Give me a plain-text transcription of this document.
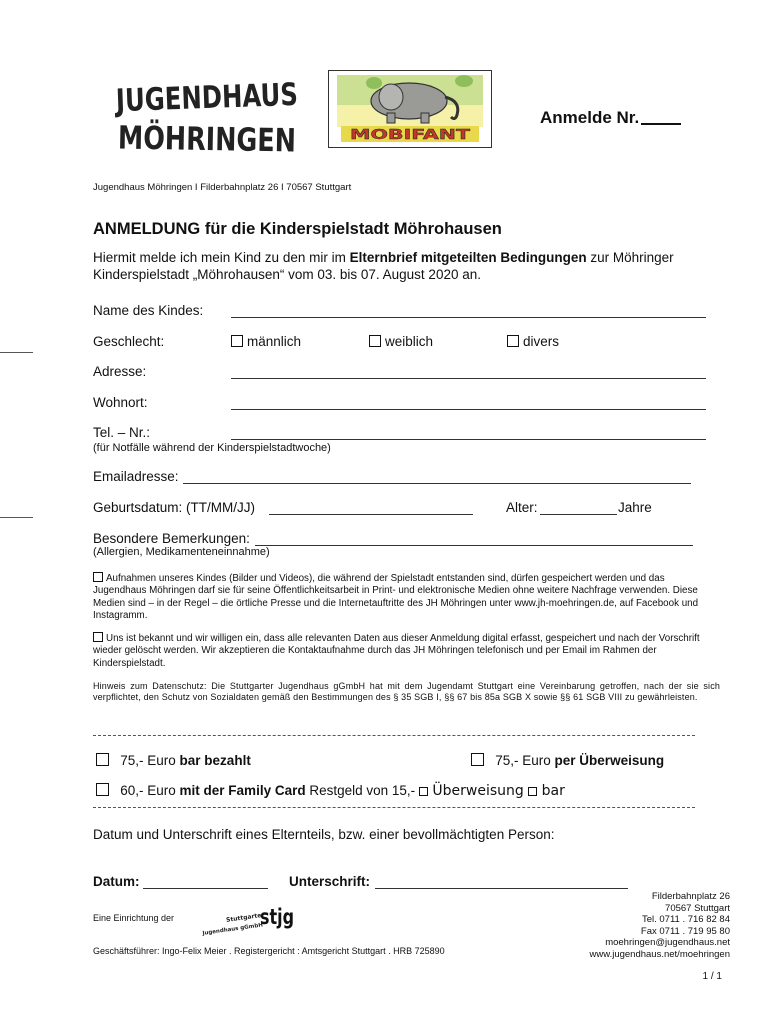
JUGENDHAUS
MÖHRINGEN MOBIFANT
Anmelde Nr.
Jugendhaus Möhringen I Filderbahnplatz 26 I 70567 Stuttgart
ANMELDUNG für die Kinderspielstadt Möhrohausen
Hiermit melde ich mein Kind zu den mir im Elternbrief mitgeteilten Bedingungen zur Möhringer Kinderspielstadt „Möhrohausen“ vom 03. bis 07. August 2020 an.
Name des Kindes:
Geschlecht:	männlich	weiblich	divers
Adresse:
Wohnort:
Tel. – Nr.:
(für Notfälle während der Kinderspielstadtwoche)
Emailadresse:
Geburtsdatum: (TT/MM/JJ)	Alter:	Jahre
Besondere Bemerkungen:
(Allergien, Medikamenteneinnahme)
Aufnahmen unseres Kindes (Bilder und Videos), die während der Spielstadt entstanden sind, dürfen gespeichert werden und das Jugendhaus Möhringen darf sie für seine Öffentlichkeitsarbeit in Print- und elektronische Medien ohne weitere Nachfrage verwenden. Diese Medien sind – in der Regel – die örtliche Presse und die Internetauftritte des JH Möhringen unter www.jh-moehringen.de, auf Facebook und Instagramm.
Uns ist bekannt und wir willigen ein, dass alle relevanten Daten aus dieser Anmeldung digital erfasst, gespeichert und nach der Vorschrift wieder gelöscht werden. Wir akzeptieren die Kontaktaufnahme durch das JH Möhringen telefonisch und per Email im Rahmen der Kinderspielstadt.
Hinweis zum Datenschutz: Die Stuttgarter Jugendhaus gGmbH hat mit dem Jugendamt Stuttgart eine Vereinbarung getroffen, nach der sie sich verpflichtet, den Schutz von Sozialdaten gemäß den Bestimmungen des § 35 SGB I, §§ 67 bis 85a SGB X sowie §§ 61 SGB VIII zu gewährleisten.
75,- Euro bar bezahlt	75,- Euro per Überweisung
60,- Euro mit der Family Card Restgeld von 15,-  Überweisung  bar
Datum und Unterschrift eines Elternteils, bzw. einer bevollmächtigten Person:
Datum:	Unterschrift:
Eine Einrichtung der	Stuttgarter
Jugendhaus gGmbH
stjg
Filderbahnplatz 26
70567 Stuttgart
Tel. 0711 . 716 82 84
Fax 0711 . 719 95 80
moehringen@jugendhaus.net
www.jugendhaus.net/moehringen
Geschäftsführer: Ingo-Felix Meier . Registergericht : Amtsgericht Stuttgart . HRB 725890
1 / 1
